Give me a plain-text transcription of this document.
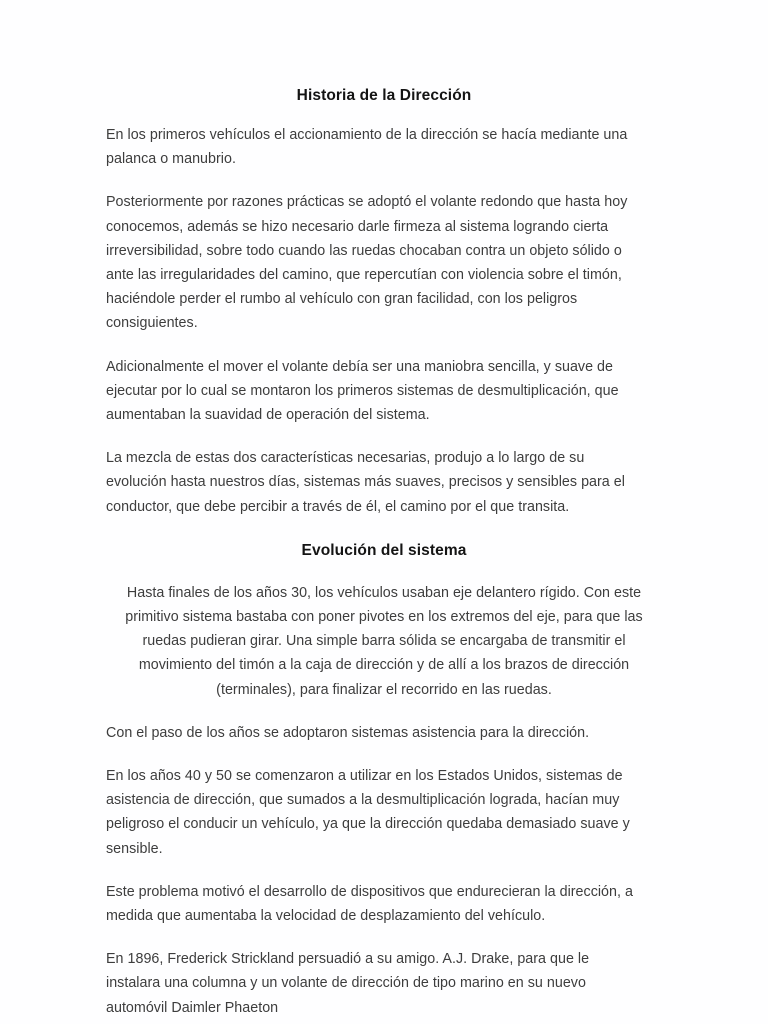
Historia de la Dirección

En los primeros vehículos el accionamiento de la dirección se hacía mediante una
palanca o manubrio.

Posteriormente por razones prácticas se adoptó el volante redondo que hasta hoy
conocemos, además se hizo necesario darle firmeza al sistema logrando cierta
irreversibilidad, sobre todo cuando las ruedas chocaban contra un objeto sólido o
ante las irregularidades del camino, que repercutían con violencia sobre el timón,
haciéndole perder el rumbo al vehículo con gran facilidad, con los peligros
consiguientes.

Adicionalmente el mover el volante debía ser una maniobra sencilla, y suave de
ejecutar por lo cual se montaron los primeros sistemas de desmultiplicación, que
aumentaban la suavidad de operación del sistema.

La mezcla de estas dos características necesarias, produjo a lo largo de su
evolución hasta nuestros días, sistemas más suaves, precisos y sensibles para el
conductor, que debe percibir a través de él, el camino por el que transita.

Evolución del sistema

Hasta finales de los años 30, los vehículos usaban eje delantero rígido. Con este
primitivo sistema bastaba con poner pivotes en los extremos del eje, para que las
ruedas pudieran girar. Una simple barra sólida se encargaba de transmitir el
movimiento del timón a la caja de dirección y de allí a los brazos de dirección
(terminales), para finalizar el recorrido en las ruedas.

Con el paso de los años se adoptaron sistemas asistencia para la dirección.

En los años 40 y 50 se comenzaron a utilizar en los Estados Unidos, sistemas de
asistencia de dirección, que sumados a la desmultiplicación lograda, hacían muy
peligroso el conducir un vehículo, ya que la dirección quedaba demasiado suave y
sensible.

Este problema motivó el desarrollo de dispositivos que endurecieran la dirección, a
medida que aumentaba la velocidad de desplazamiento del vehículo.

En 1896, Frederick Strickland persuadió a su amigo. A.J. Drake, para que le
instalara una columna y un volante de dirección de tipo marino en su nuevo
automóvil Daimler Phaeton
